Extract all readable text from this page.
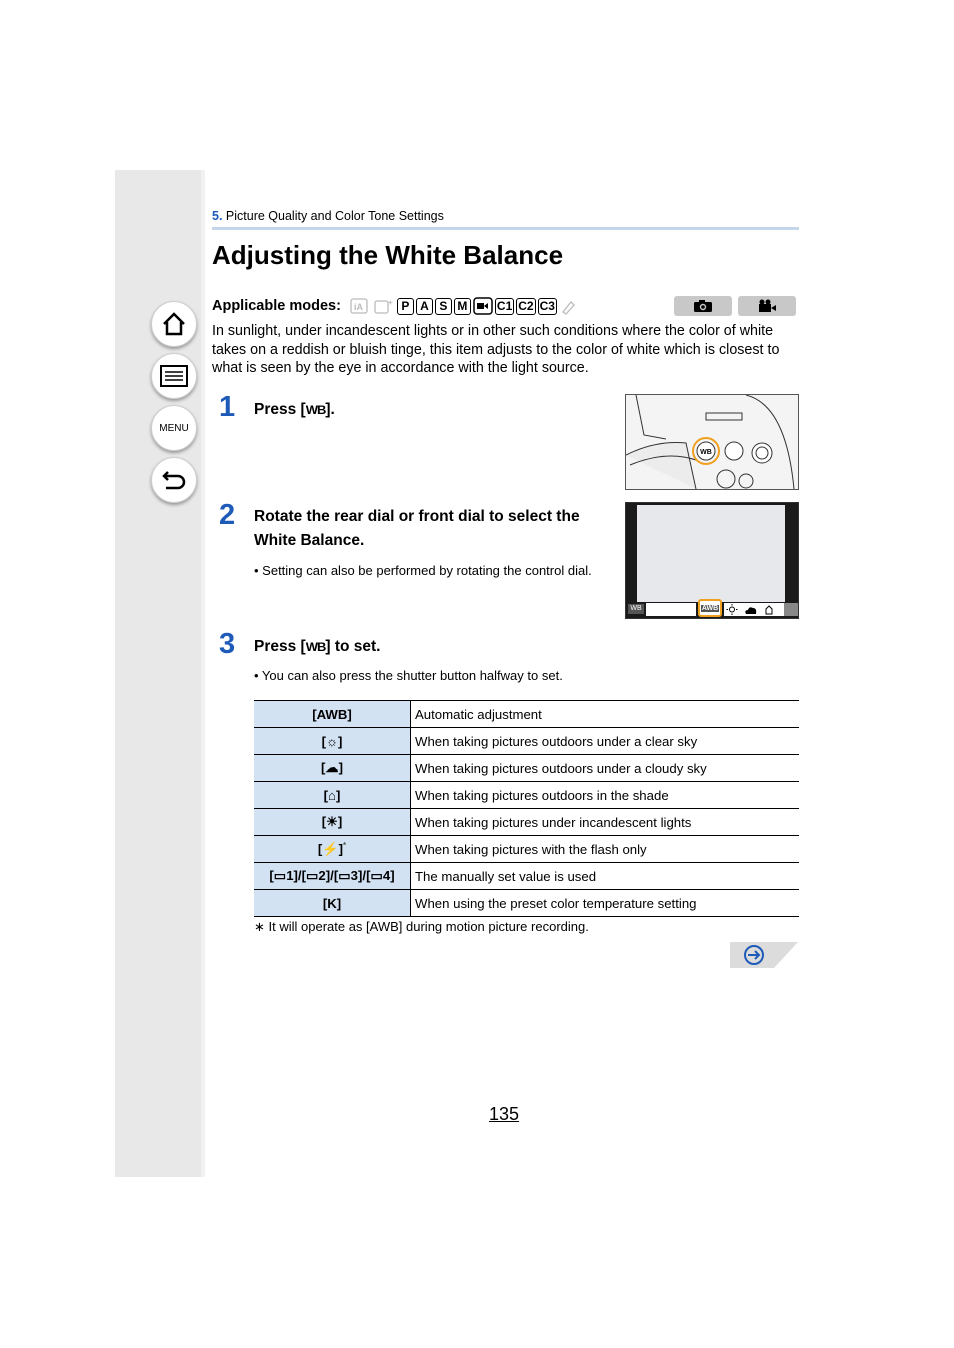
MENU
5. Picture Quality and Color Tone Settings
Adjusting the White Balance
Applicable modes: iA	+ P A S M C1 C2 C3
In sunlight, under incandescent lights or in other such conditions where the color of white takes on a reddish or bluish tinge, this item adjusts to the color of white which is closest to what is seen by the eye in accordance with the light source.
1 Press [WB].
WB
2 Rotate the rear dial or front dial to select the
White Balance.
• Setting can also be performed by rotating the control dial.
WB	AWB
3 Press [WB] to set.
• You can also press the shutter button halfway to set.
[AWB]	Automatic adjustment
[☼]	When taking pictures outdoors under a clear sky
[☁]	When taking pictures outdoors under a cloudy sky
[⌂]	When taking pictures outdoors in the shade
[☀]	When taking pictures under incandescent lights
[⚡]*	When taking pictures with the flash only
[▭1]/[▭2]/[▭3]/[▭4]	The manually set value is used
[K]	When using the preset color temperature setting
∗ It will operate as [AWB] during motion picture recording.
135
